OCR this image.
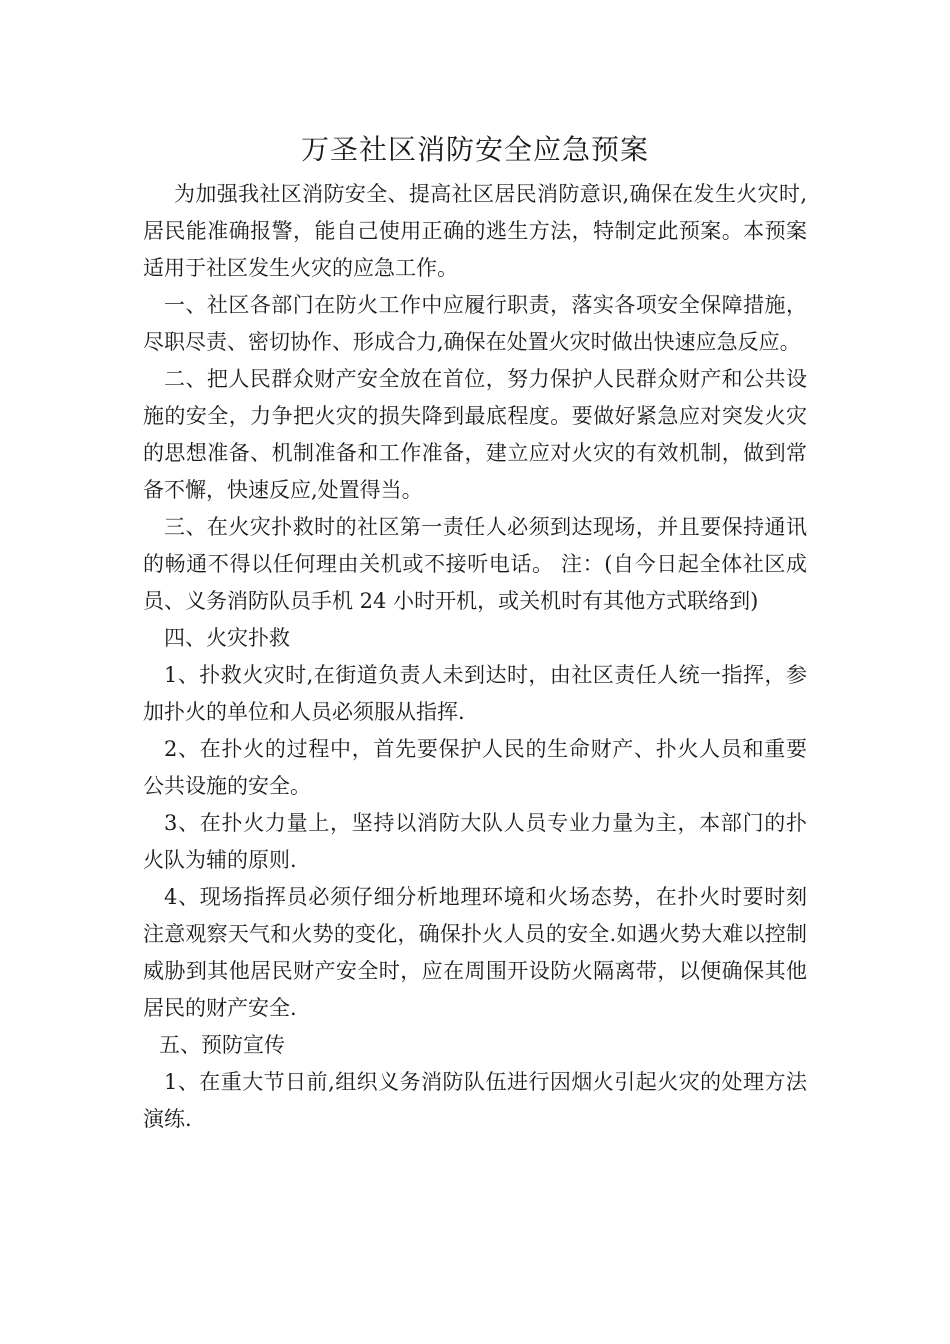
万圣社区消防安全应急预案

为加强我社区消防安全、提高社区居民消防意识,确保在发生火灾时,居民能准确报警，能自己使用正确的逃生方法，特制定此预案。本预案适用于社区发生火灾的应急工作。

一、社区各部门在防火工作中应履行职责，落实各项安全保障措施，尽职尽责、密切协作、形成合力,确保在处置火灾时做出快速应急反应。

二、把人民群众财产安全放在首位，努力保护人民群众财产和公共设施的安全，力争把火灾的损失降到最底程度。要做好紧急应对突发火灾的思想准备、机制准备和工作准备，建立应对火灾的有效机制，做到常备不懈，快速反应,处置得当。

三、在火灾扑救时的社区第一责任人必须到达现场，并且要保持通讯的畅通不得以任何理由关机或不接听电话。 注：(自今日起全体社区成员、义务消防队员手机 24 小时开机，或关机时有其他方式联络到)

四、火灾扑救

1、扑救火灾时,在街道负责人未到达时，由社区责任人统一指挥，参加扑火的单位和人员必须服从指挥.

2、在扑火的过程中，首先要保护人民的生命财产、扑火人员和重要公共设施的安全。

3、在扑火力量上，坚持以消防大队人员专业力量为主，本部门的扑火队为辅的原则.

4、现场指挥员必须仔细分析地理环境和火场态势，在扑火时要时刻注意观察天气和火势的变化，确保扑火人员的安全.如遇火势大难以控制威胁到其他居民财产安全时，应在周围开设防火隔离带，以便确保其他居民的财产安全.

五、预防宣传

1、在重大节日前,组织义务消防队伍进行因烟火引起火灾的处理方法演练.
